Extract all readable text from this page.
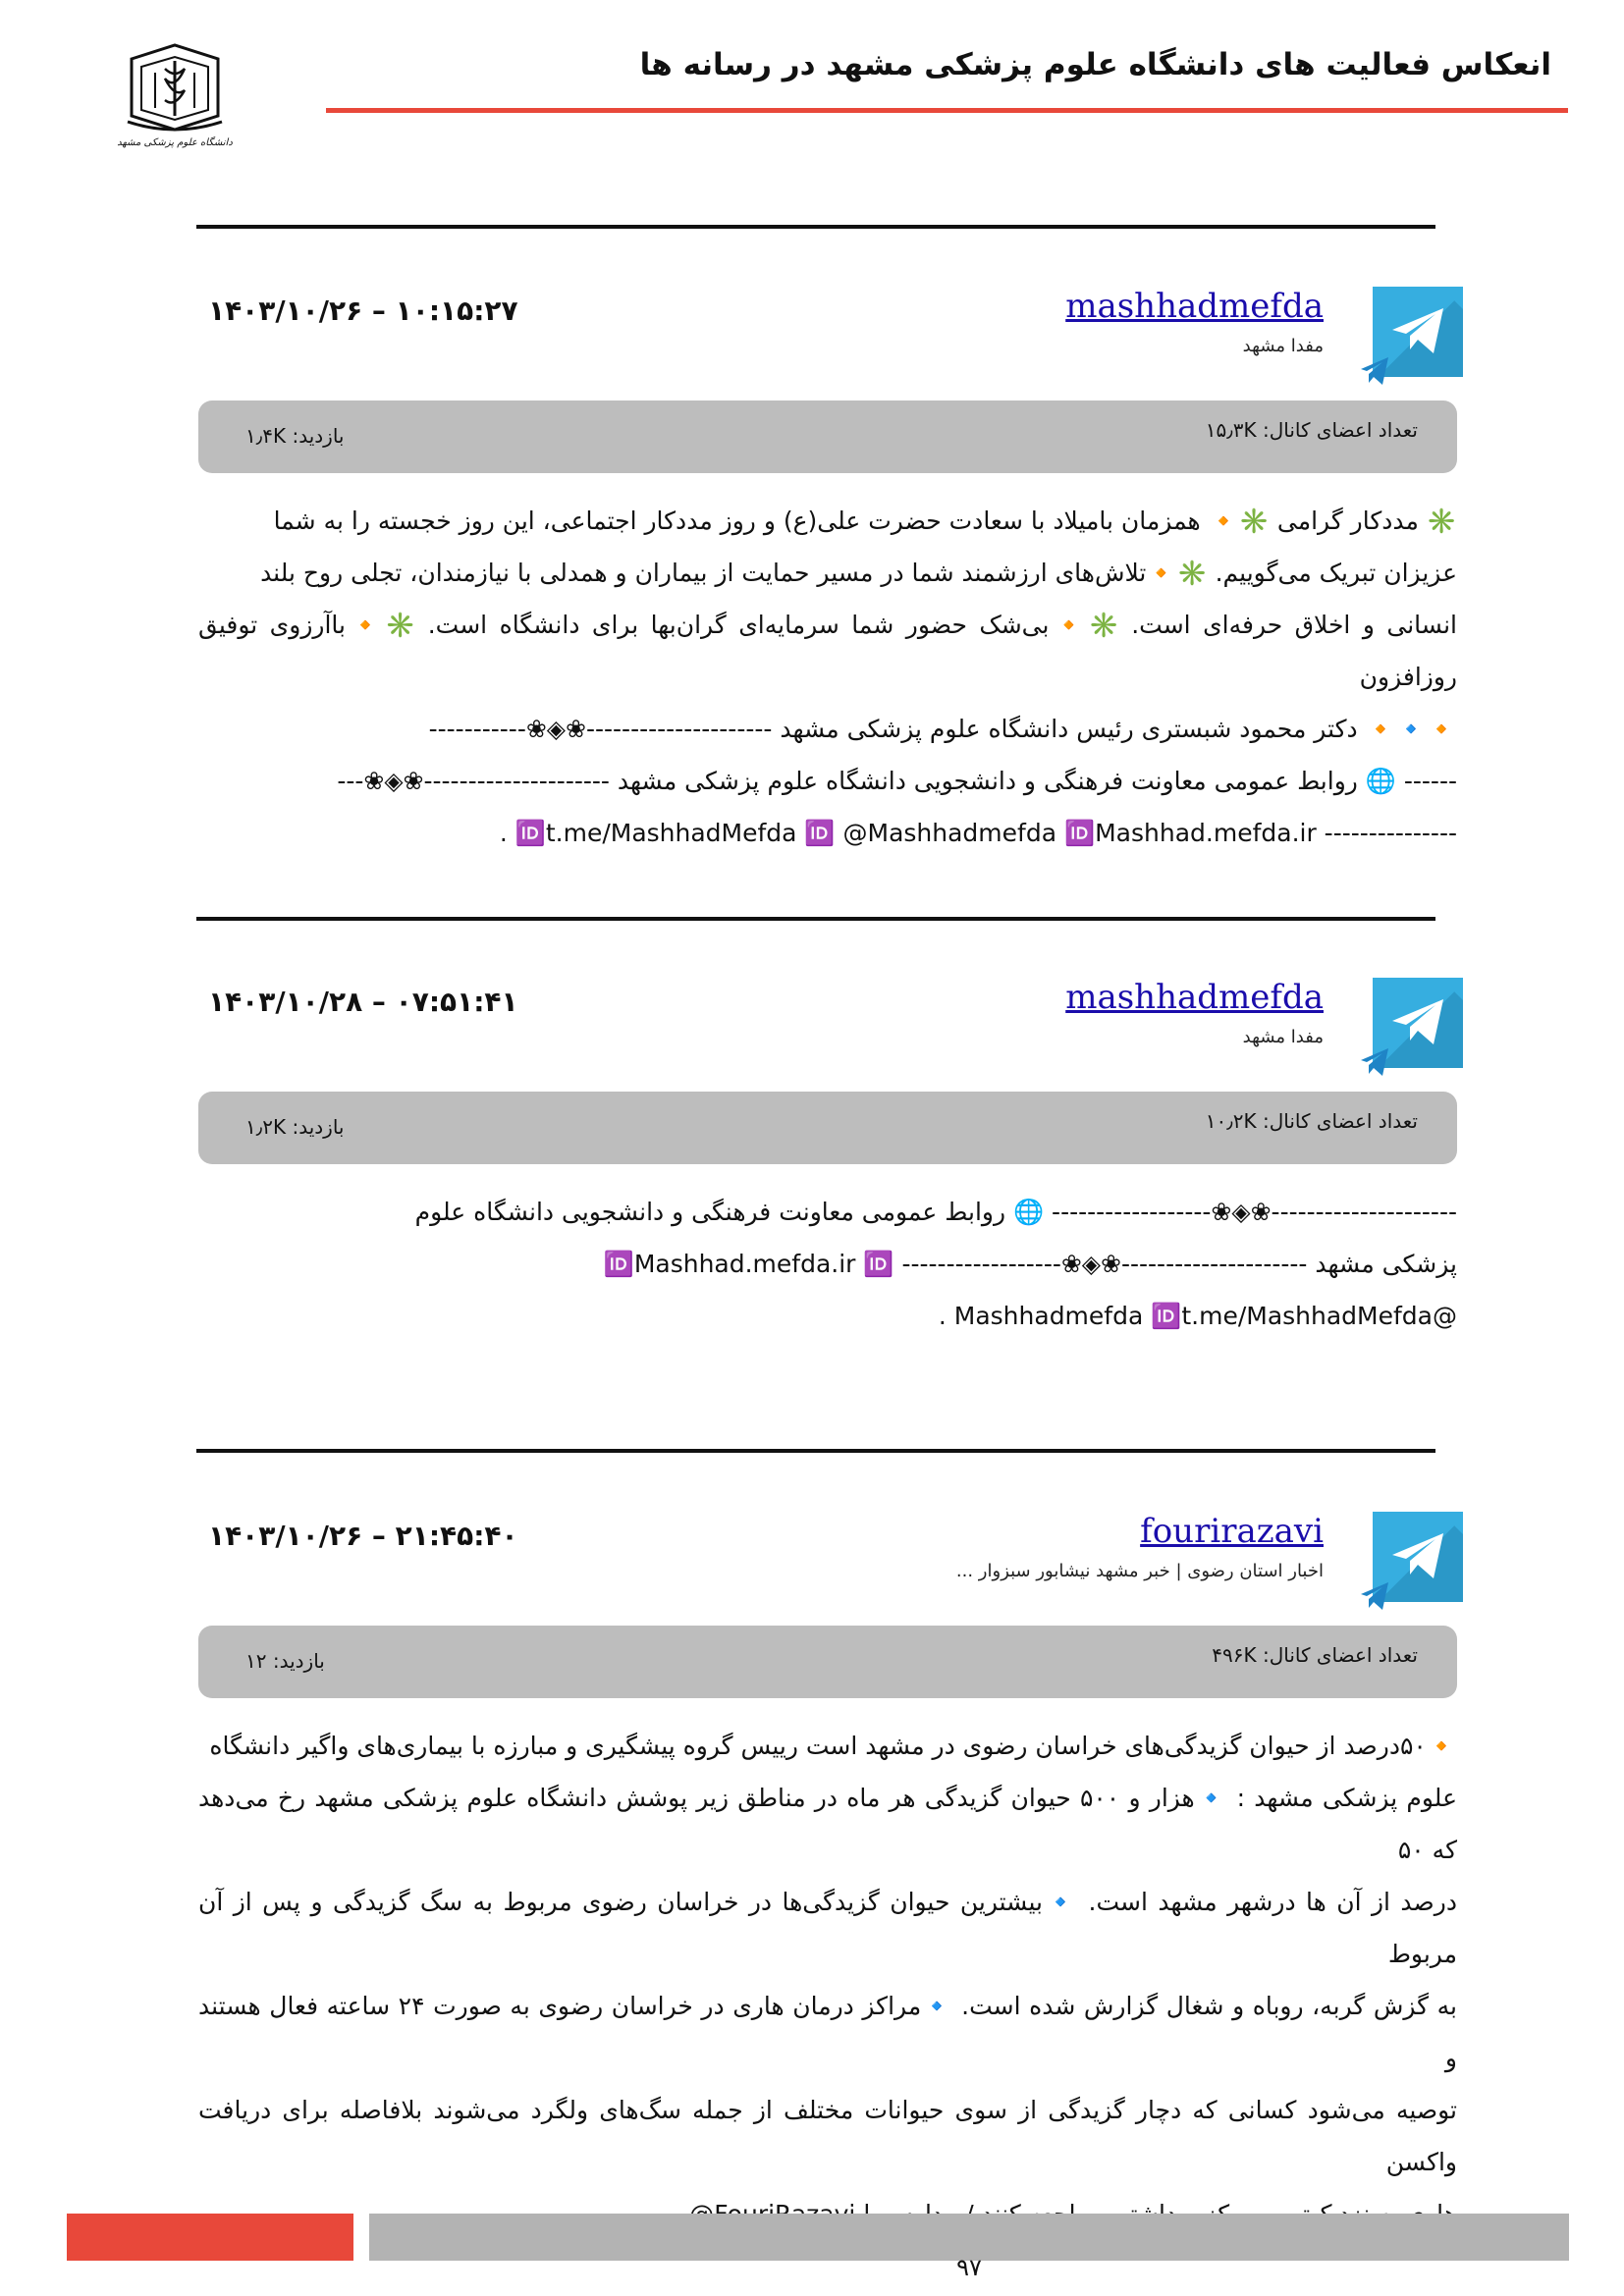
انعکاس فعالیت های دانشگاه علوم پزشکی مشهد در رسانه ها
دانشگاه علوم پزشکی مشهد
mashhadmefda
مفدا مشهد
۱۴۰۳/۱۰/۲۶ – ۱۰:۱۵:۲۷
تعداد اعضای کانال: ۱۵٫۳K
بازدید: ۱٫۴K
✳️ مددکار گرامی ✳️🔸 همزمان بامیلاد با سعادت حضرت علی(ع) و روز مددکار اجتماعی، این روز خجسته را به شما
عزیزان تبریک می‌گوییم. ✳️🔸تلاش‌های ارزشمند شما در مسیر حمایت از بیماران و همدلی با نیازمندان، تجلی روح بلند
انسانی و اخلاق حرفه‌ای است. ✳️🔸بی‌شک حضور شما سرمایه‌ای گران‌بها برای دانشگاه است. ✳️🔸باآرزوی توفیق روزافزون
🔸🔹🔸 دکتر محمود شبستری رئیس دانشگاه علوم پزشکی مشهد ---------------------❀◈❀-----------
------ 🌐 روابط عمومی معاونت فرهنگی و دانشجویی دانشگاه علوم پزشکی مشهد ---------------------❀◈❀---
--------------- 🆔t.me/MashhadMefda 🆔 @Mashhadmefda 🆔Mashhad.mefda.ir .
mashhadmefda
مفدا مشهد
۱۴۰۳/۱۰/۲۸ – ۰۷:۵۱:۴۱
تعداد اعضای کانال: ۱۰٫۲K
بازدید: ۱٫۲K
---------------------❀◈❀------------------ 🌐 روابط عمومی معاونت فرهنگی و دانشجویی دانشگاه علوم
پزشکی مشهد ---------------------❀◈❀------------------ 🆔Mashhad.mefda.ir 🆔
@Mashhadmefda 🆔t.me/MashhadMefda .
fourirazavi
اخبار استان رضوی | خبر مشهد نیشابور سبزوار ...
۱۴۰۳/۱۰/۲۶ – ۲۱:۴۵:۴۰
تعداد اعضای کانال: ۴۹۶K
بازدید: ۱۲
🔸۵۰درصد از حیوان گزیدگی‌های خراسان رضوی در مشهد است رییس گروه پیشگیری و مبارزه با بیماری‌های واگیر دانشگاه
علوم پزشکی مشهد : 🔹هزار و ۵۰۰ حیوان گزیدگی هر ماه در مناطق زیر پوشش دانشگاه علوم پزشکی مشهد رخ می‌دهد که ۵۰
درصد از آن ها درشهر مشهد است. 🔹بیشترین حیوان گزیدگی‌ها در خراسان رضوی مربوط به سگ گزیدگی و پس از آن مربوط
به گزش گربه، روباه و شغال گزارش شده است. 🔹مراکز درمان هاری در خراسان رضوی به صورت ۲۴ ساعته فعال هستند و
توصیه می‌شود کسانی که دچار گزیدگی از سوی حیوانات مختلف از جمله سگ‌های ولگرد می‌شوند بلافاصله برای دریافت واکسن
۹۷
